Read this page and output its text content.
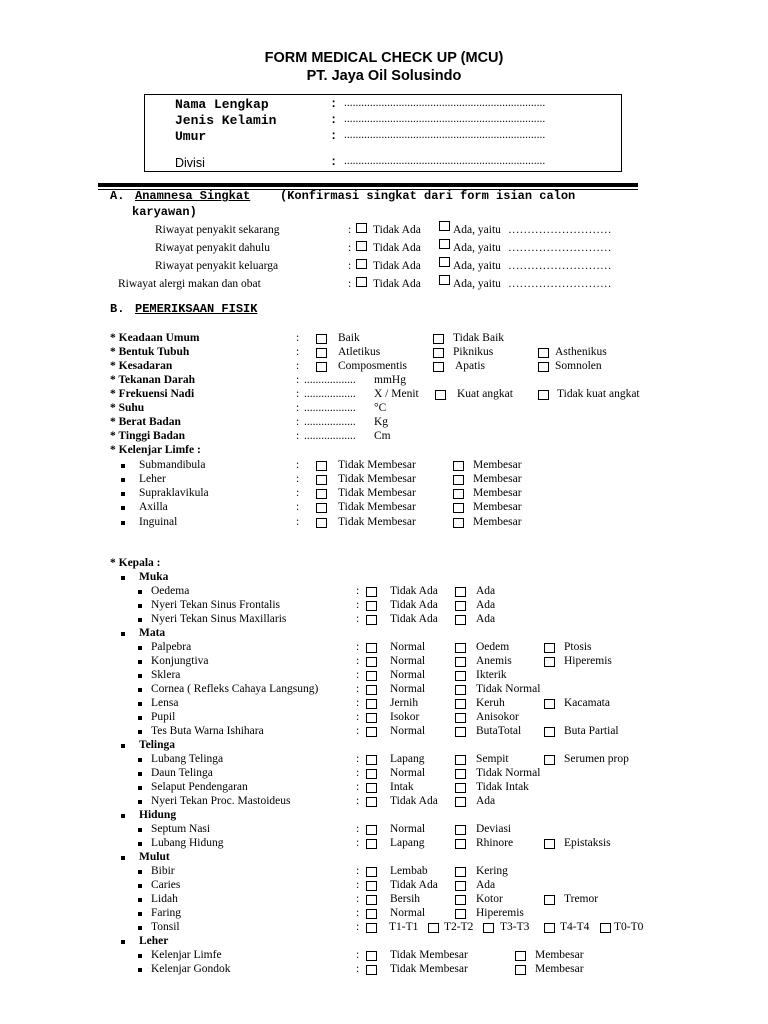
FORM MEDICAL CHECK UP (MCU)
PT. Jaya Oil Solusindo
Nama Lengkap	: ......................................................................
Jenis Kelamin	: ......................................................................
Umur	: ......................................................................
Divisi	: ......................................................................
A. Anamnesa Singkat (Konfirmasi singkat dari form isian calon
karyawan)
Riwayat penyakit sekarang	: Tidak Ada	Ada, yaitu ………………………
Riwayat penyakit dahulu	: Tidak Ada	Ada, yaitu ………………………
Riwayat penyakit keluarga	: Tidak Ada	Ada, yaitu ………………………
Riwayat alergi makan dan obat	: Tidak Ada	Ada, yaitu ………………………
B. PEMERIKSAAN FISIK
* Keadaan Umum	:	Baik	Tidak Baik
* Bentuk Tubuh	:	Atletikus	Piknikus	Asthenikus
* Kesadaran	:	Composmentis	Apatis	Somnolen
* Tekanan Darah	: .................. mmHg
* Frekuensi Nadi	: .................. X / Menit	Kuat angkat	Tidak kuat angkat
* Suhu	: .................. °C
* Berat Badan	: .................. Kg
* Tinggi Badan	: .................. Cm
* Kelenjar Limfe :
Submandibula	:	Tidak Membesar	Membesar
Leher	:	Tidak Membesar	Membesar
Supraklavikula	:	Tidak Membesar	Membesar
Axilla	:	Tidak Membesar	Membesar
Inguinal	:	Tidak Membesar	Membesar
* Kepala :
Muka
Oedema	:	Tidak Ada	Ada
Nyeri Tekan Sinus Frontalis	:	Tidak Ada	Ada
Nyeri Tekan Sinus Maxillaris	:	Tidak Ada	Ada
Mata
Palpebra	:	Normal	Oedem	Ptosis
Konjungtiva	:	Normal	Anemis	Hiperemis
Sklera	:	Normal	Ikterik
Cornea ( Refleks Cahaya Langsung)	:	Normal	Tidak Normal
Lensa	:	Jernih	Keruh	Kacamata
Pupil	:	Isokor	Anisokor
Tes Buta Warna Ishihara	:	Normal	ButaTotal	Buta Partial
Telinga
Lubang Telinga	:	Lapang	Sempit	Serumen prop
Daun Telinga	:	Normal	Tidak Normal
Selaput Pendengaran	:	Intak	Tidak Intak
Nyeri Tekan Proc. Mastoideus	:	Tidak Ada	Ada
Hidung
Septum Nasi	:	Normal	Deviasi
Lubang Hidung	:	Lapang	Rhinore	Epistaksis
Mulut
Bibir	:	Lembab	Kering
Caries	:	Tidak Ada	Ada
Lidah	:	Bersih	Kotor	Tremor
Faring	:	Normal	Hiperemis
Tonsil	:	T1-T1 T2-T2 T3-T3	T4-T4 T0-T0
Leher
Kelenjar Limfe	:	Tidak Membesar	Membesar
Kelenjar Gondok	:	Tidak Membesar	Membesar
